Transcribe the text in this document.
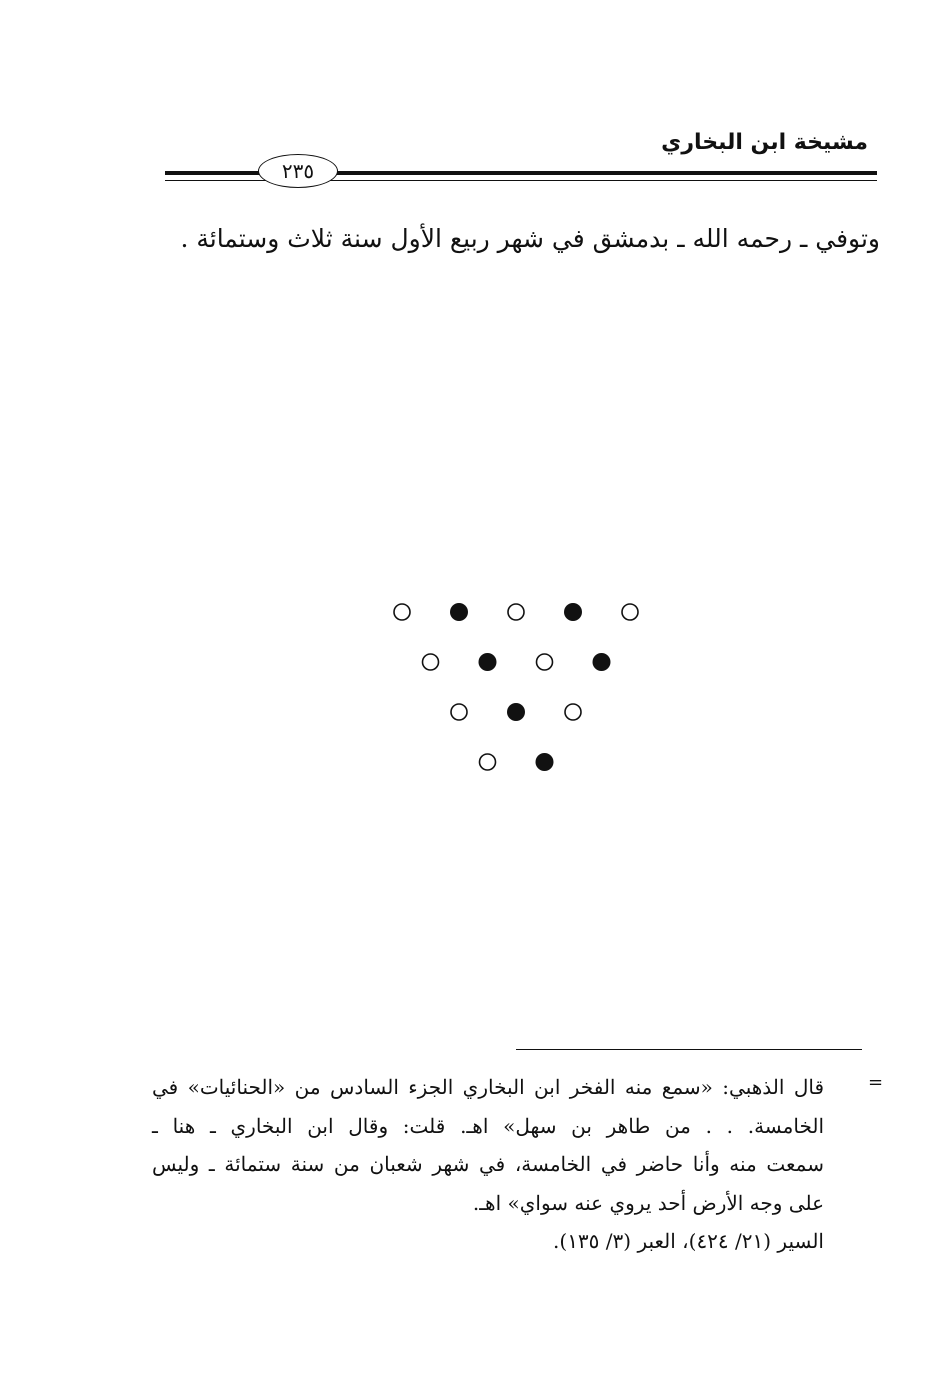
مشيخة ابن البخاري
٢٣٥
وتوفي ـ رحمه الله ـ بدمشق في شهر ربيع الأول سنة ثلاث وستمائة .
=
قال الذهبي: «سمع منه الفخر ابن البخاري الجزء السادس من «الحنائيات» في
الخامسة. . . من طاهر بن سهل» اهـ. قلت: وقال ابن البخاري ـ هنا ـ
سمعت منه وأنا حاضر في الخامسة، في شهر شعبان من سنة ستمائة ـ وليس
على وجه الأرض أحد يروي عنه سواي» اهـ.
السير (٢١/ ٤٢٤)، العبر (٣/ ١٣٥).
